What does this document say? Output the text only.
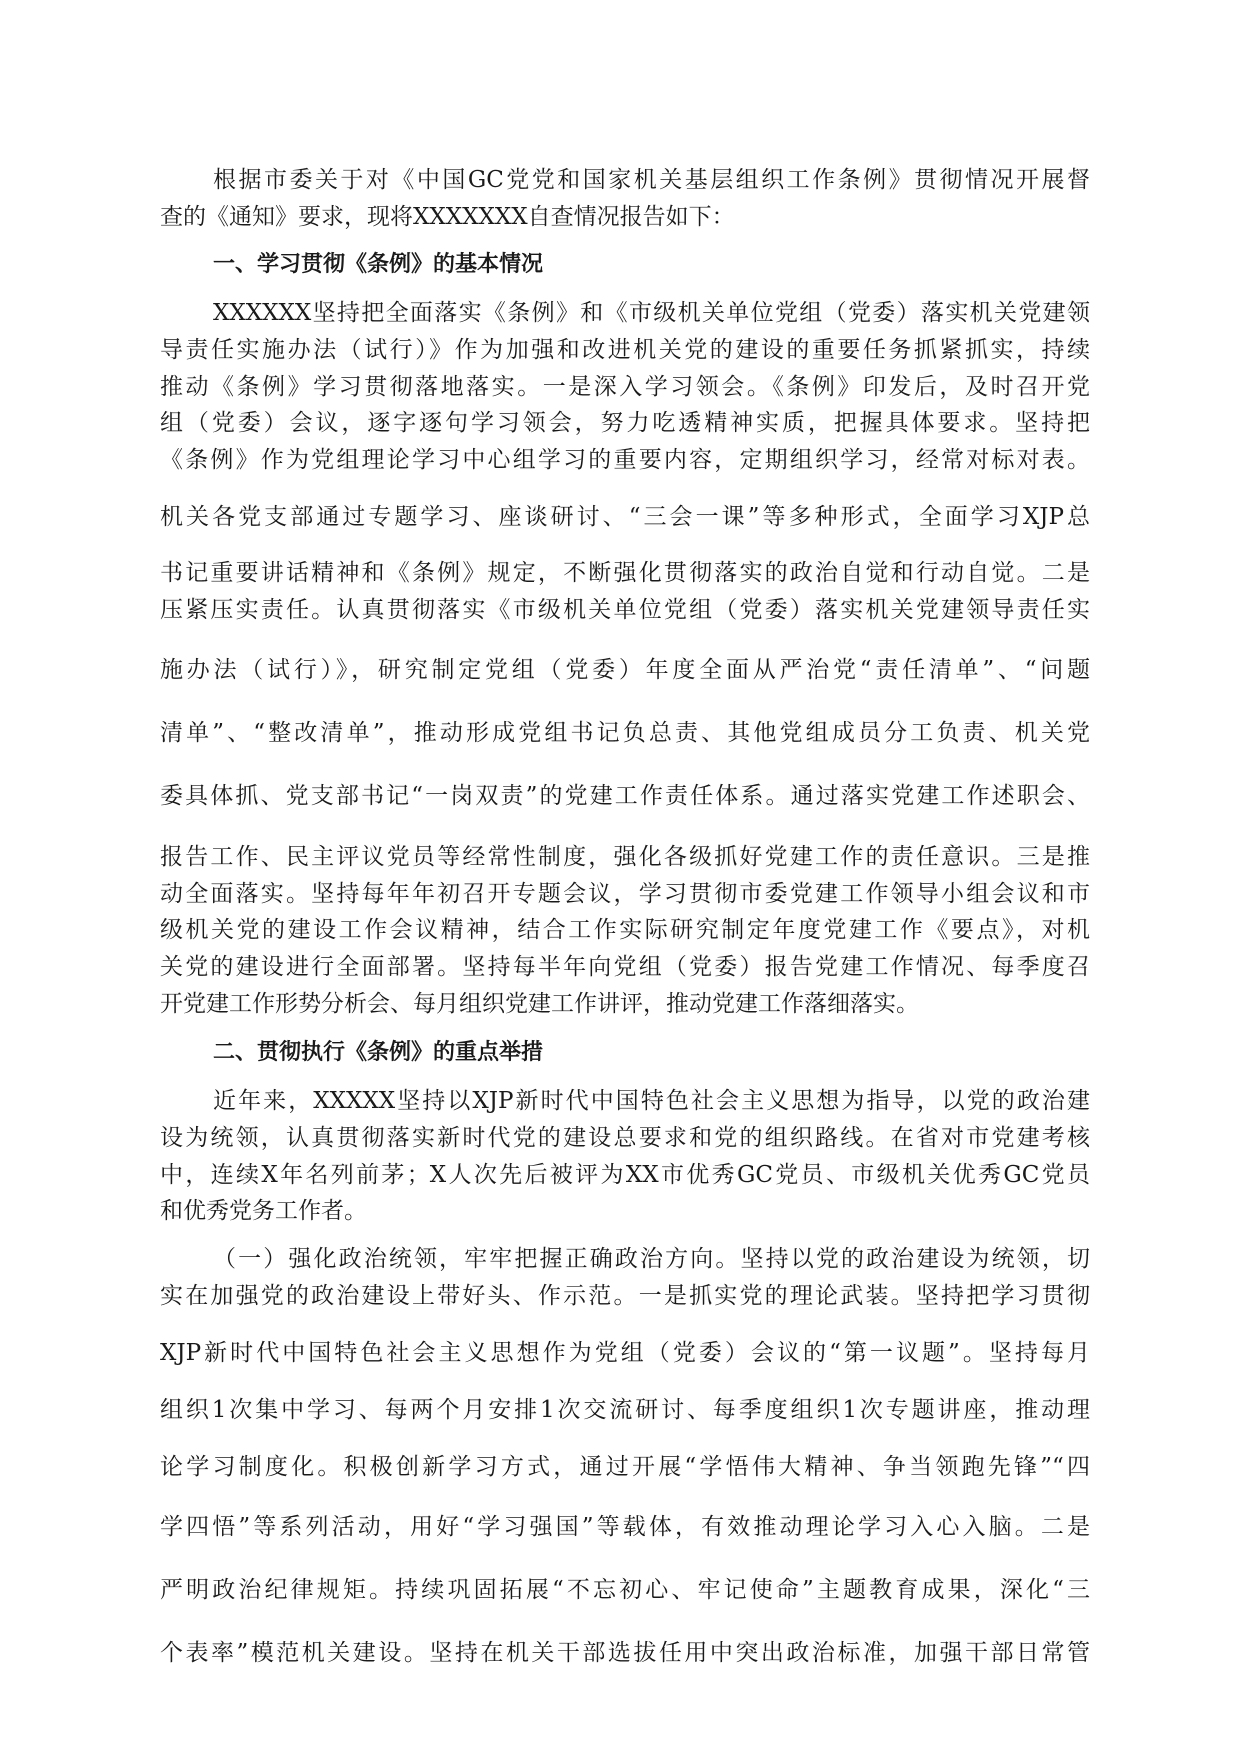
根据市委关于对《中国GC党党和国家机关基层组织工作条例》贯彻情况开展督
查的《通知》要求，现将XXXXXXX自查情况报告如下：
一、学习贯彻《条例》的基本情况
XXXXXX坚持把全面落实《条例》和《市级机关单位党组（党委）落实机关党建领
导责任实施办法（试行）》作为加强和改进机关党的建设的重要任务抓紧抓实，持续
推动《条例》学习贯彻落地落实。一是深入学习领会。《条例》印发后，及时召开党
组（党委）会议，逐字逐句学习领会，努力吃透精神实质，把握具体要求。坚持把
《条例》作为党组理论学习中心组学习的重要内容，定期组织学习，经常对标对表。
机关各党支部通过专题学习、座谈研讨、“三会一课”等多种形式，全面学习XJP总
书记重要讲话精神和《条例》规定，不断强化贯彻落实的政治自觉和行动自觉。二是
压紧压实责任。认真贯彻落实《市级机关单位党组（党委）落实机关党建领导责任实
施办法（试行）》，研究制定党组（党委）年度全面从严治党“责任清单”、“问题
清单”、“整改清单”，推动形成党组书记负总责、其他党组成员分工负责、机关党
委具体抓、党支部书记“一岗双责”的党建工作责任体系。通过落实党建工作述职会、
报告工作、民主评议党员等经常性制度，强化各级抓好党建工作的责任意识。三是推
动全面落实。坚持每年年初召开专题会议，学习贯彻市委党建工作领导小组会议和市
级机关党的建设工作会议精神，结合工作实际研究制定年度党建工作《要点》，对机
关党的建设进行全面部署。坚持每半年向党组（党委）报告党建工作情况、每季度召
开党建工作形势分析会、每月组织党建工作讲评，推动党建工作落细落实。
二、贯彻执行《条例》的重点举措
近年来，XXXXX坚持以XJP新时代中国特色社会主义思想为指导，以党的政治建
设为统领，认真贯彻落实新时代党的建设总要求和党的组织路线。在省对市党建考核
中，连续X年名列前茅；X人次先后被评为XX市优秀GC党员、市级机关优秀GC党员
和优秀党务工作者。
（一）强化政治统领，牢牢把握正确政治方向。坚持以党的政治建设为统领，切
实在加强党的政治建设上带好头、作示范。一是抓实党的理论武装。坚持把学习贯彻
XJP新时代中国特色社会主义思想作为党组（党委）会议的“第一议题”。坚持每月
组织1次集中学习、每两个月安排1次交流研讨、每季度组织1次专题讲座，推动理
论学习制度化。积极创新学习方式，通过开展“学悟伟大精神、争当领跑先锋”“四
学四悟”等系列活动，用好“学习强国”等载体，有效推动理论学习入心入脑。二是
严明政治纪律规矩。持续巩固拓展“不忘初心、牢记使命”主题教育成果，深化“三
个表率”模范机关建设。坚持在机关干部选拔任用中突出政治标准，加强干部日常管
